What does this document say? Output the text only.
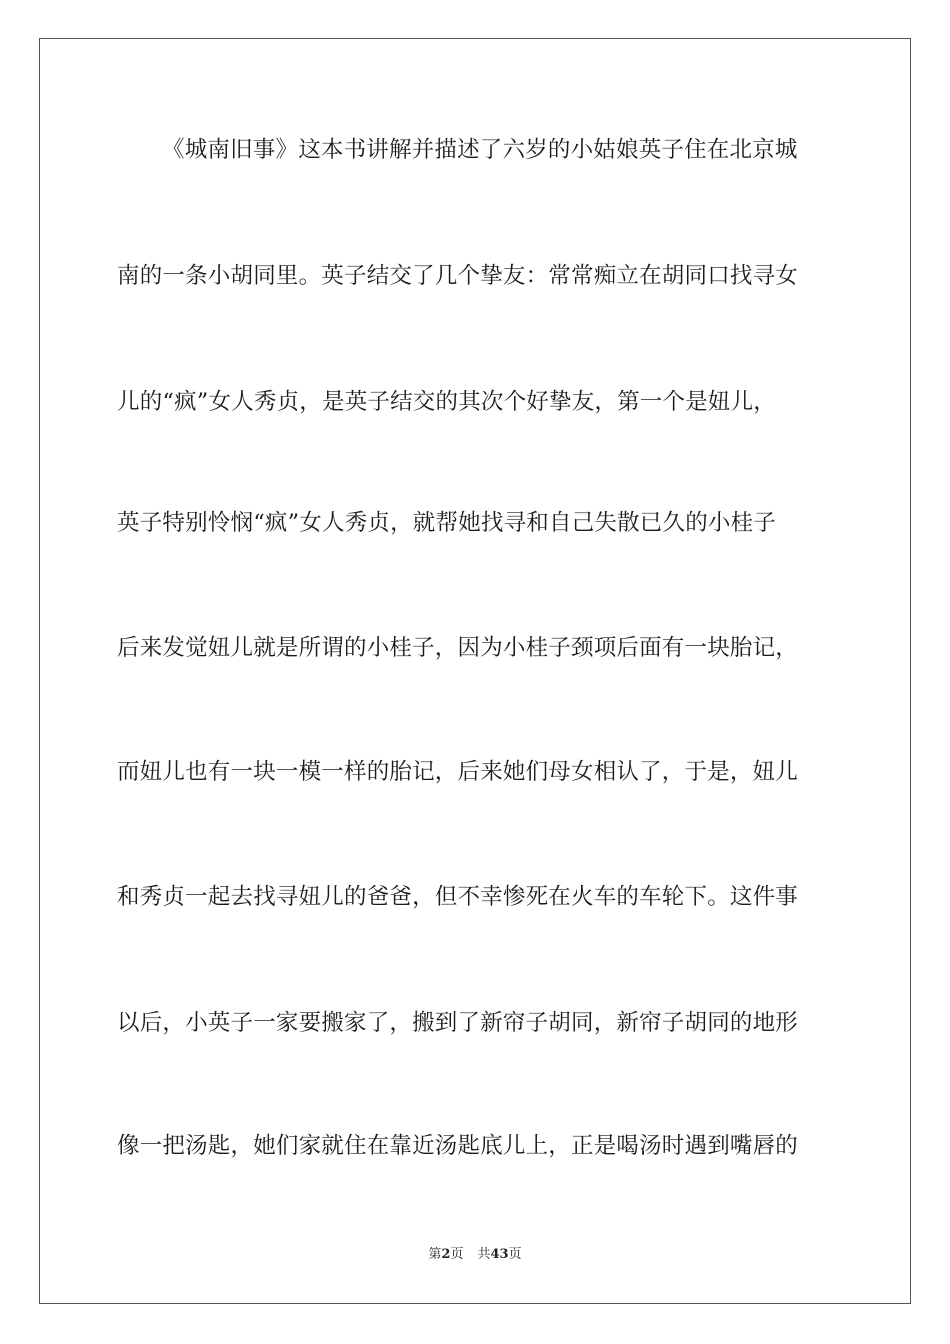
《城南旧事》这本书讲解并描述了六岁的小姑娘英子住在北京城
南的一条小胡同里。英子结交了几个挚友：常常痴立在胡同口找寻女
儿的“疯”女人秀贞，是英子结交的其次个好挚友，第一个是妞儿，
英子特别怜悯“疯”女人秀贞，就帮她找寻和自己失散已久的小桂子
后来发觉妞儿就是所谓的小桂子，因为小桂子颈项后面有一块胎记，
而妞儿也有一块一模一样的胎记，后来她们母女相认了，于是，妞儿
和秀贞一起去找寻妞儿的爸爸，但不幸惨死在火车的车轮下。这件事
以后，小英子一家要搬家了，搬到了新帘子胡同，新帘子胡同的地形
像一把汤匙，她们家就住在靠近汤匙底儿上，正是喝汤时遇到嘴唇的
第2页 共43页
